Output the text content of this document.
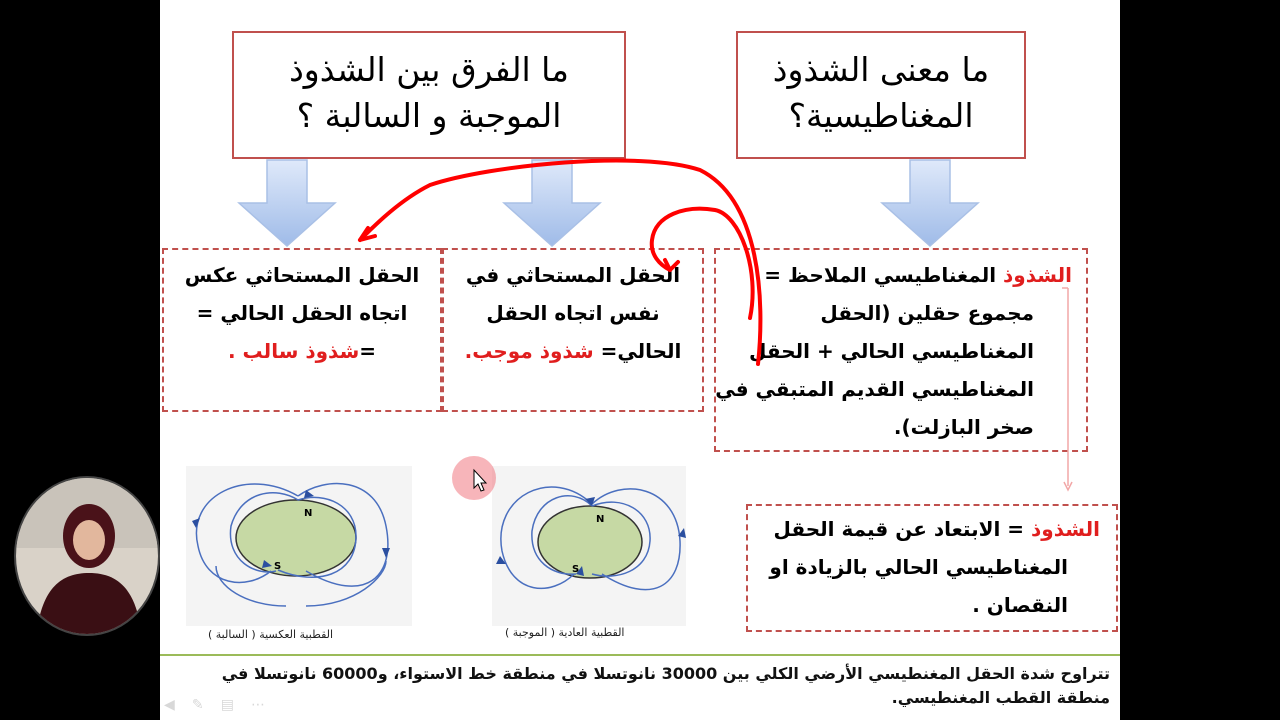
ما معنى الشذوذ
المغناطيسية؟
ما الفرق بين الشذوذ
الموجبة و السالبة ؟
الحقل المستحاثي عكس
اتجاه الحقل الحالي =
=شذوذ سالب .
الحقل المستحاثي في
نفس اتجاه الحقل
الحالي= شذوذ موجب.
الشذوذ المغناطيسي الملاحظ =
مجموع حقلين (الحقل
المغناطيسي الحالي + الحقل
المغناطيسي القديم المتبقي في
صخر البازلت).
الشذوذ = الابتعاد عن قيمة الحقل
المغناطيسي الحالي بالزيادة او
النقصان .
N
S
القطبية العكسية ( السالبة )
N
S
القطبية العادية ( الموجبة )
تتراوح شدة الحقل المغنطيسي الأرضي الكلي بين 30000 نانوتسلا في منطقة خط الاستواء، و60000 نانوتسلا في
منطقة القطب المغنطيسي.
◀ ✎ ▤ ⋯
